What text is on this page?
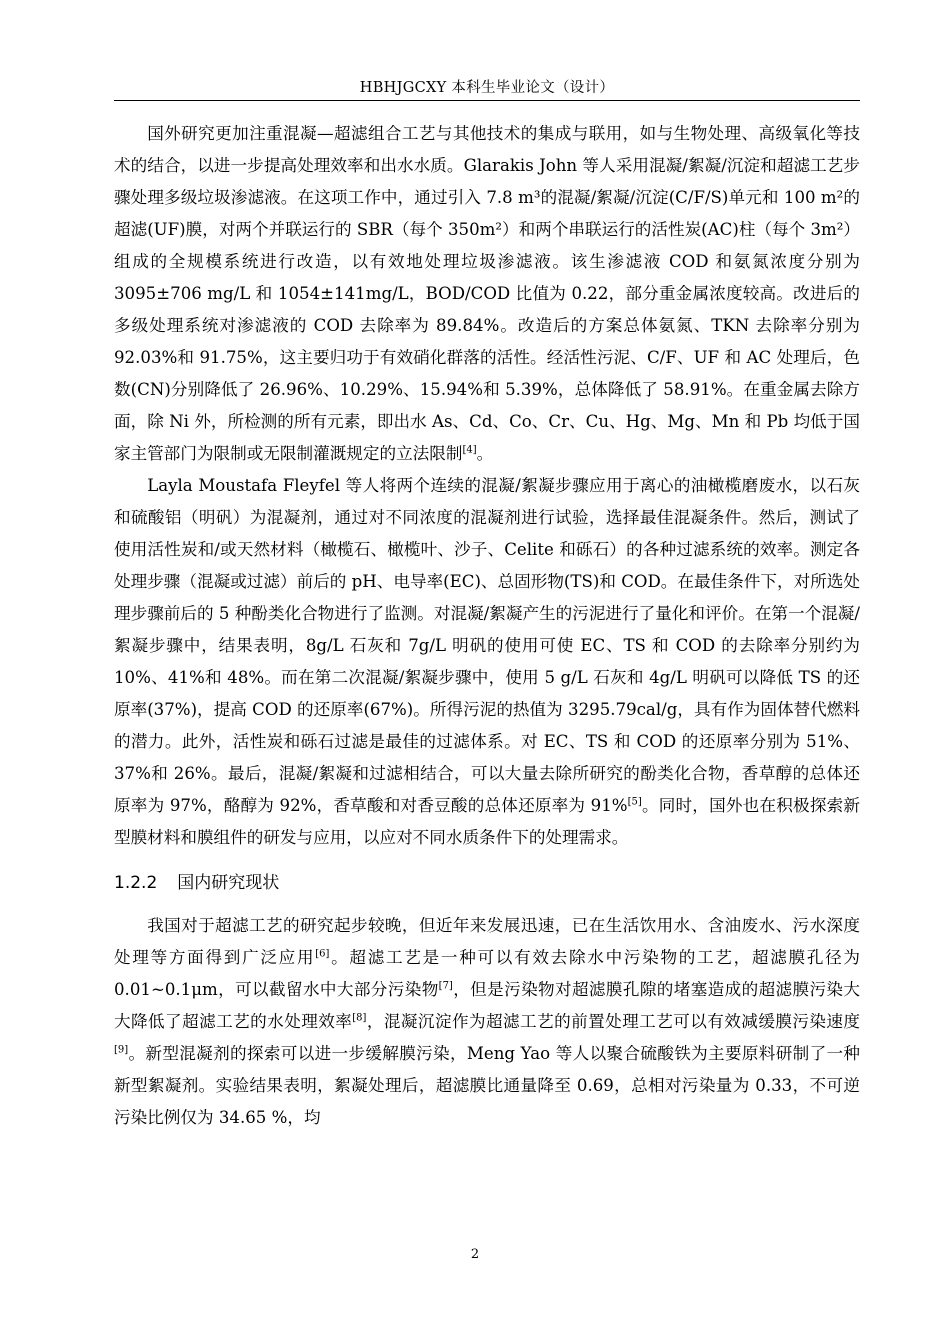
HBHJGCXY 本科生毕业论文（设计）

国外研究更加注重混凝—超滤组合工艺与其他技术的集成与联用，如与生物处理、高级氧化等技术的结合，以进一步提高处理效率和出水水质。Glarakis John 等人采用混凝/絮凝/沉淀和超滤工艺步骤处理多级垃圾渗滤液。在这项工作中，通过引入 7.8 m³的混凝/絮凝/沉淀(C/F/S)单元和 100 m²的超滤(UF)膜，对两个并联运行的 SBR（每个 350m²）和两个串联运行的活性炭(AC)柱（每个 3m²）组成的全规模系统进行改造，以有效地处理垃圾渗滤液。该生渗滤液 COD 和氨氮浓度分别为 3095±706 mg/L 和 1054±141mg/L，BOD/COD 比值为 0.22，部分重金属浓度较高。改进后的多级处理系统对渗滤液的 COD 去除率为 89.84%。改造后的方案总体氨氮、TKN 去除率分别为 92.03%和 91.75%，这主要归功于有效硝化群落的活性。经活性污泥、C/F、UF 和 AC 处理后，色数(CN)分别降低了 26.96%、10.29%、15.94%和 5.39%，总体降低了 58.91%。在重金属去除方面，除 Ni 外，所检测的所有元素，即出水 As、Cd、Co、Cr、Cu、Hg、Mg、Mn 和 Pb 均低于国家主管部门为限制或无限制灌溉规定的立法限制[4]。

Layla Moustafa Fleyfel 等人将两个连续的混凝/絮凝步骤应用于离心的油橄榄磨废水，以石灰和硫酸铝（明矾）为混凝剂，通过对不同浓度的混凝剂进行试验，选择最佳混凝条件。然后，测试了使用活性炭和/或天然材料（橄榄石、橄榄叶、沙子、Celite 和砾石）的各种过滤系统的效率。测定各处理步骤（混凝或过滤）前后的 pH、电导率(EC)、总固形物(TS)和 COD。在最佳条件下，对所选处理步骤前后的 5 种酚类化合物进行了监测。对混凝/絮凝产生的污泥进行了量化和评价。在第一个混凝/絮凝步骤中，结果表明，8g/L 石灰和 7g/L 明矾的使用可使 EC、TS 和 COD 的去除率分别约为 10%、41%和 48%。而在第二次混凝/絮凝步骤中，使用 5 g/L 石灰和 4g/L 明矾可以降低 TS 的还原率(37%)，提高 COD 的还原率(67%)。所得污泥的热值为 3295.79cal/g，具有作为固体替代燃料的潜力。此外，活性炭和砾石过滤是最佳的过滤体系。对 EC、TS 和 COD 的还原率分别为 51%、37%和 26%。最后，混凝/絮凝和过滤相结合，可以大量去除所研究的酚类化合物，香草醇的总体还原率为 97%，酪醇为 92%，香草酸和对香豆酸的总体还原率为 91%[5]。同时，国外也在积极探索新型膜材料和膜组件的研发与应用，以应对不同水质条件下的处理需求。

1.2.2 国内研究现状

我国对于超滤工艺的研究起步较晚，但近年来发展迅速，已在生活饮用水、含油废水、污水深度处理等方面得到广泛应用[6]。超滤工艺是一种可以有效去除水中污染物的工艺，超滤膜孔径为 0.01~0.1μm，可以截留水中大部分污染物[7]，但是污染物对超滤膜孔隙的堵塞造成的超滤膜污染大大降低了超滤工艺的水处理效率[8]，混凝沉淀作为超滤工艺的前置处理工艺可以有效减缓膜污染速度[9]。新型混凝剂的探索可以进一步缓解膜污染，Meng Yao 等人以聚合硫酸铁为主要原料研制了一种新型絮凝剂。实验结果表明，絮凝处理后，超滤膜比通量降至 0.69，总相对污染量为 0.33，不可逆污染比例仅为 34.65 %，均

2
